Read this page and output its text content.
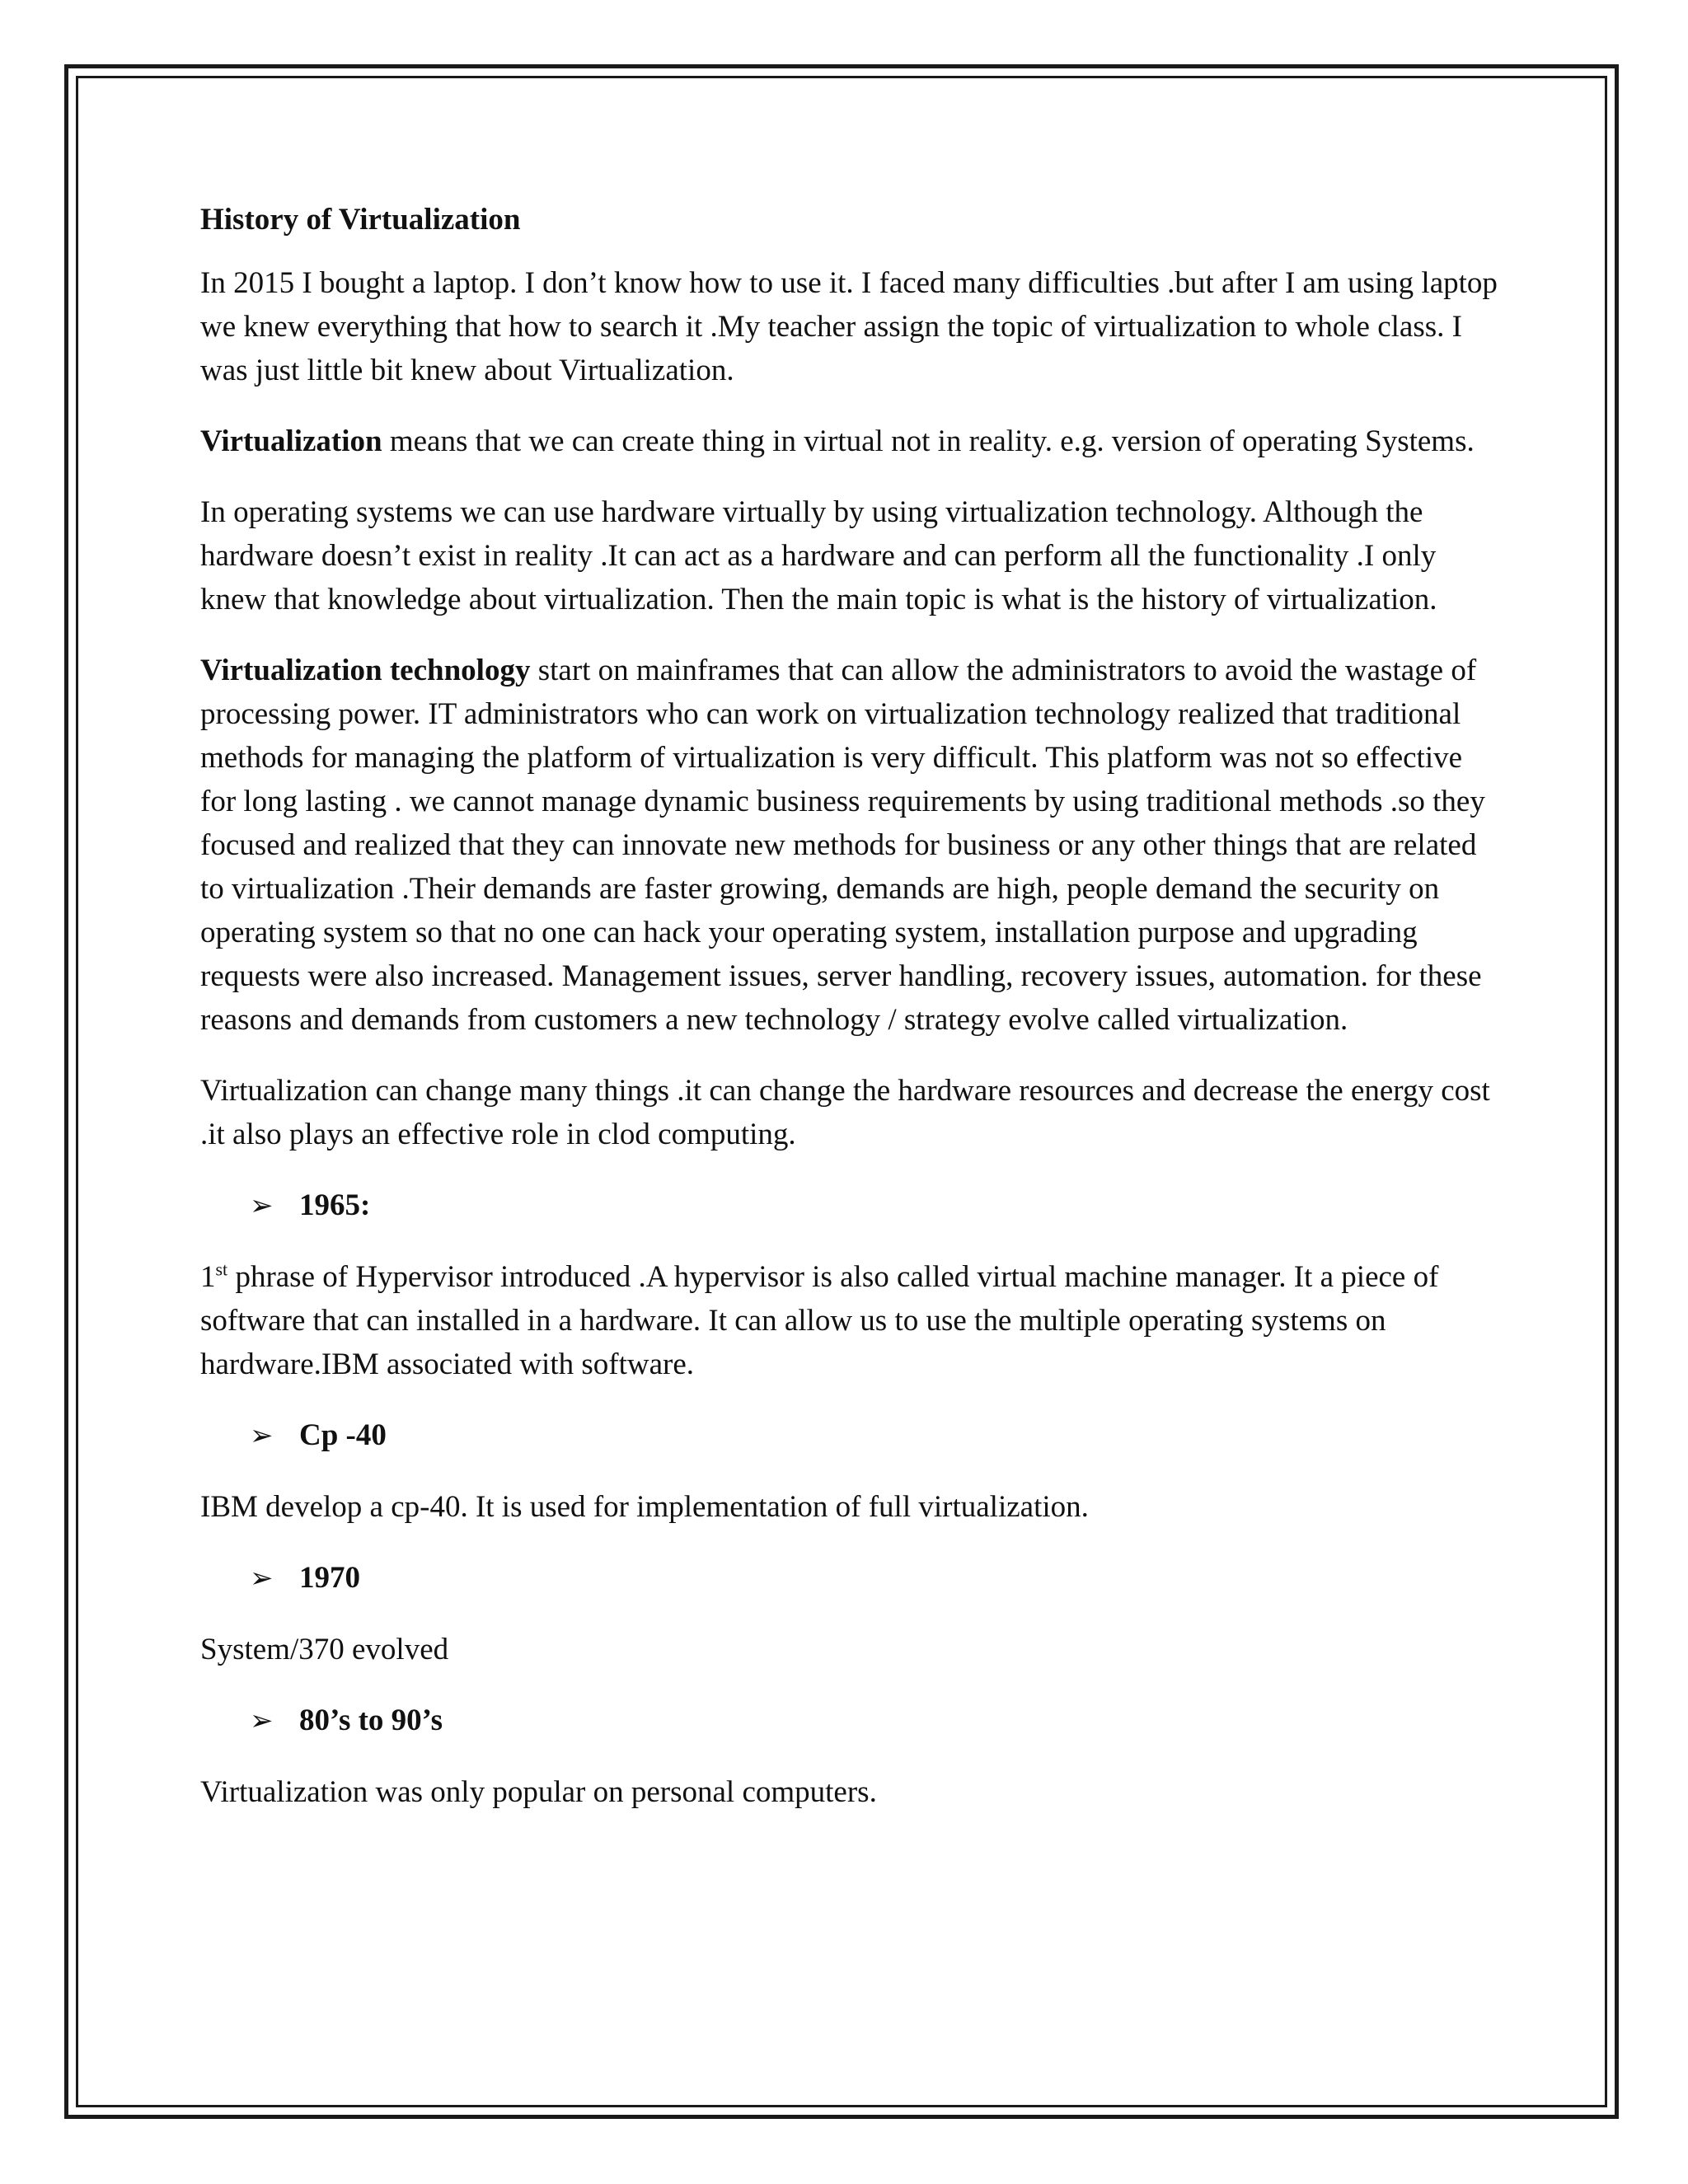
History of Virtualization

In 2015 I bought a laptop. I don’t know how to use it. I faced many difficulties .but after I am using laptop we knew everything that how to search it .My teacher assign the topic of virtualization to whole class. I was just little bit knew about Virtualization.

Virtualization means that we can create thing in virtual not in reality. e.g. version of operating Systems.

In operating systems we can use hardware virtually by using virtualization technology. Although the hardware doesn’t exist in reality .It can act as a hardware and can perform all the functionality .I only knew that knowledge about virtualization. Then the main topic is what is the history of virtualization.

Virtualization technology start on mainframes that can allow the administrators to avoid the wastage of processing power. IT administrators who can work on virtualization technology realized that traditional methods for managing the platform of virtualization is very difficult. This platform was not so effective for long lasting . we cannot manage dynamic business requirements by using traditional methods .so they focused and realized that they can innovate new methods for business or any other things that are related to virtualization .Their demands are faster growing, demands are high, people demand the security on operating system so that no one can hack your operating system, installation purpose and upgrading requests were also increased. Management issues, server handling, recovery issues, automation. for these reasons and demands from customers a new technology / strategy evolve called virtualization.

Virtualization can change many things .it can change the hardware resources and decrease the energy cost .it also plays an effective role in clod computing.

➢ 1965:

1st phrase of Hypervisor introduced .A hypervisor is also called virtual machine manager. It a piece of software that can installed in a hardware. It can allow us to use the multiple operating systems on hardware.IBM associated with software.

➢ Cp -40

IBM develop a cp-40. It is used for implementation of full virtualization.

➢ 1970

System/370 evolved

➢ 80’s to 90’s

Virtualization was only popular on personal computers.
